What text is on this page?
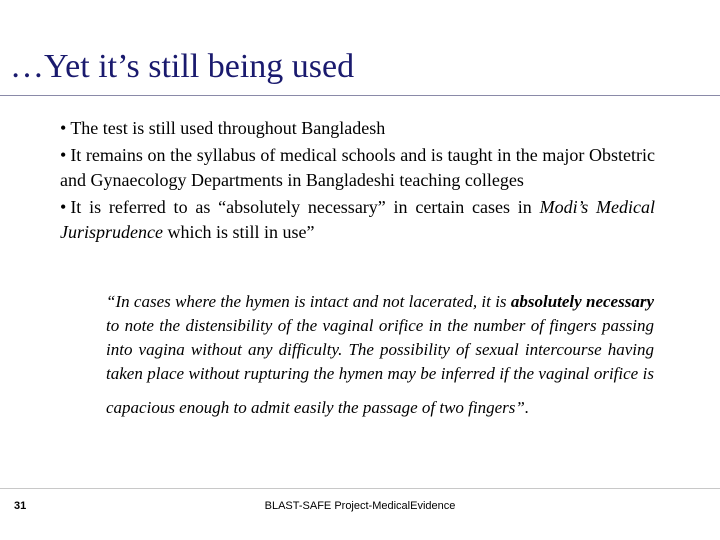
…Yet it’s still being used
• The test is still used throughout Bangladesh
• It remains on the syllabus of medical schools and is taught in the major Obstetric and Gynaecology Departments in Bangladeshi teaching colleges
• It is referred to as “absolutely necessary” in certain cases in Modi’s Medical Jurisprudence which is still in use”
“In cases where the hymen is intact and not lacerated, it is absolutely necessary to note the distensibility of the vaginal orifice in the number of fingers passing into vagina without any difficulty. The possibility of sexual intercourse having taken place without rupturing the hymen may be inferred if the vaginal orifice is
capacious enough to admit easily the passage of two fingers”.
31	BLAST-SAFE Project-MedicalEvidence
